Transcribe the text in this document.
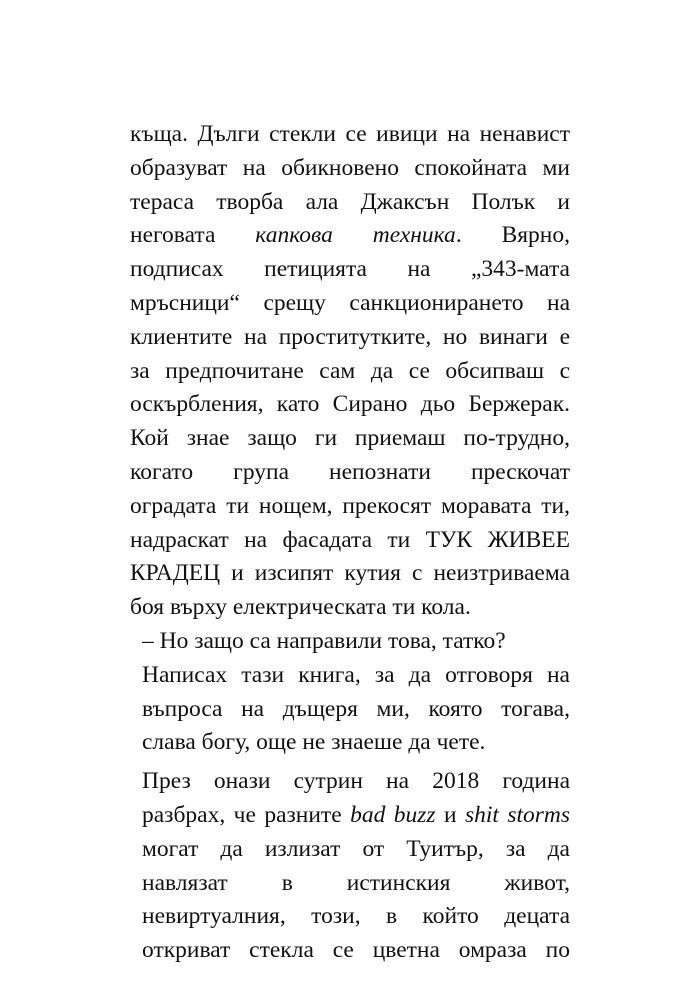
къща. Дълги стекли се ивици на ненавист
образуват на обикновено спокойната ми
тераса творба ала Джаксън Полък и
неговата капкова техника. Вярно,
подписах петицията на „343-мата
мръсници“ срещу санкционирането на
клиентите на проститутките, но винаги е
за предпочитане сам да се обсипваш с
оскърбления, като Сирано дьо Бержерак.
Кой знае защо ги приемаш по-трудно,
когато група непознати прескочат
оградата ти нощем, прекосят моравата ти,
надраскат на фасадата ти ТУК ЖИВЕЕ
КРАДЕЦ и изсипят кутия с неизтриваема
боя върху електрическата ти кола.
– Но защо са направили това, татко?
Написах тази книга, за да отговоря на
въпроса на дъщеря ми, която тогава,
слава богу, още не знаеше да чете.
През онази сутрин на 2018 година
разбрах, че разните bad buzz и shit storms
могат да излизат от Туитър, за да
навлязат в истинския живот,
невиртуалния, този, в който децата
откриват стекла се цветна омраза по
